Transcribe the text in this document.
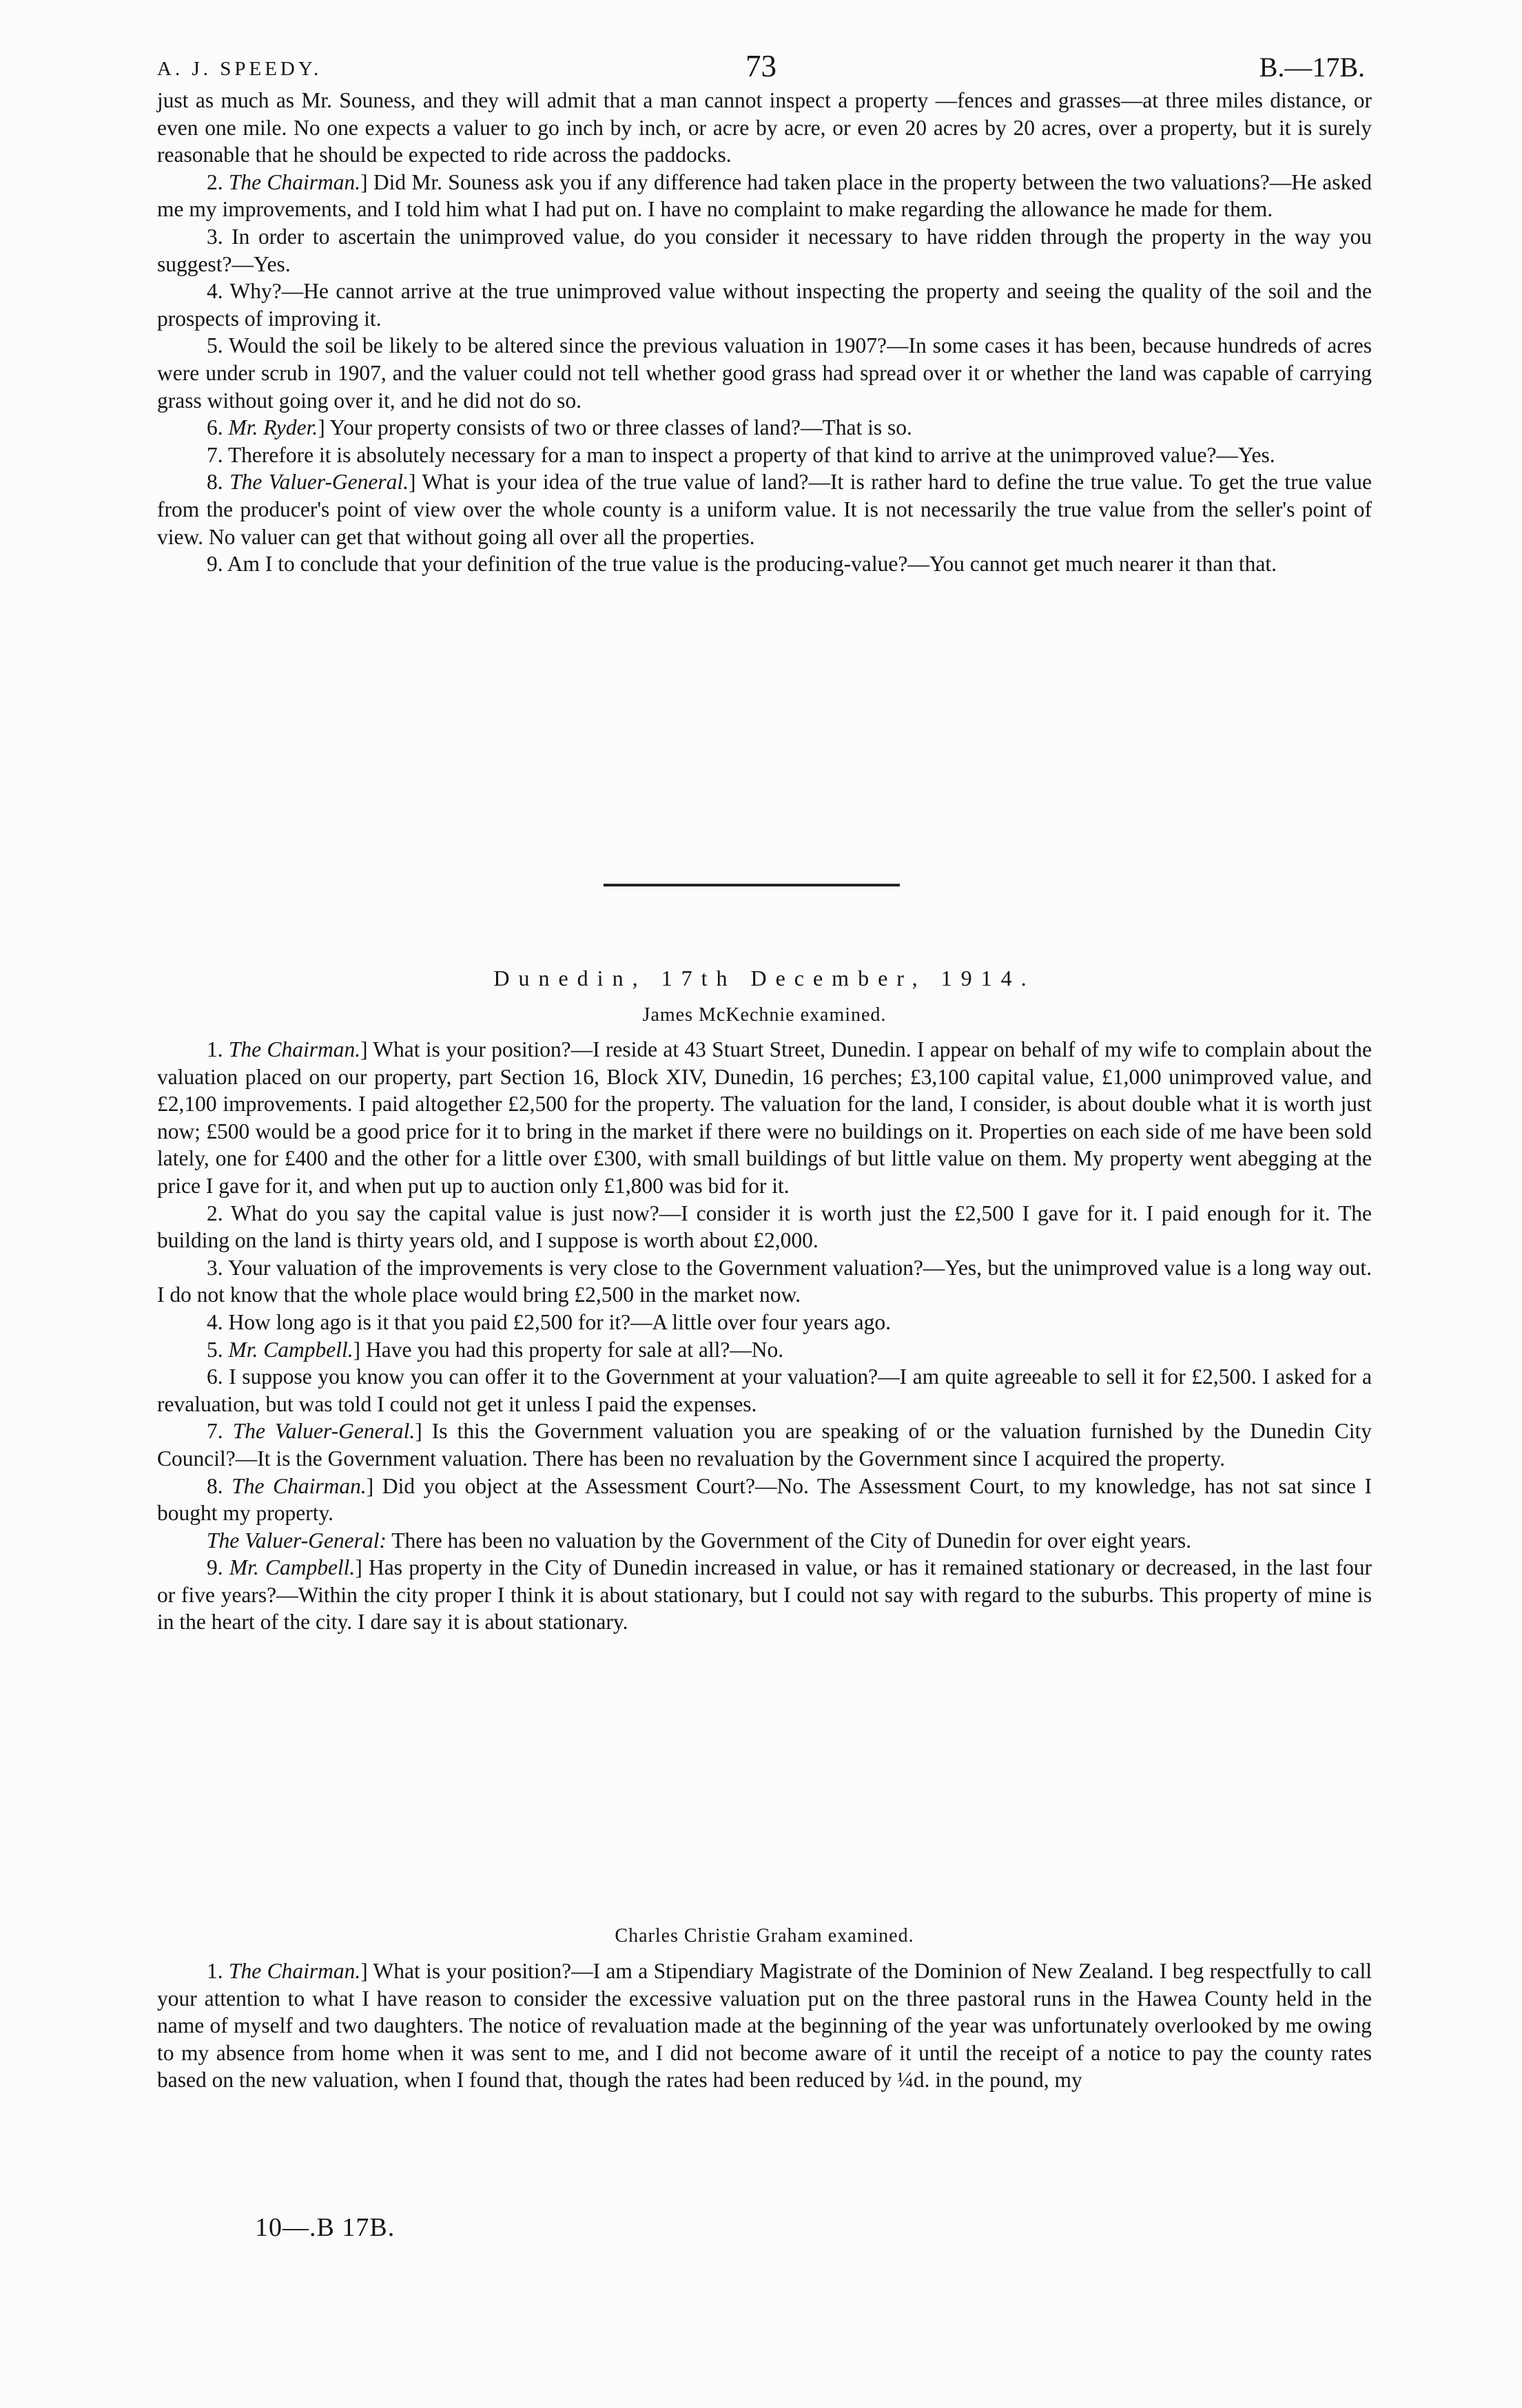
A. J. SPEEDY.	73	B.—17B.

just as much as Mr. Souness, and they will admit that a man cannot inspect a property —fences and grasses—at three miles distance, or even one mile. No one expects a valuer to go inch by inch, or acre by acre, or even 20 acres by 20 acres, over a property, but it is surely reasonable that he should be expected to ride across the paddocks.

2. The Chairman.] Did Mr. Souness ask you if any difference had taken place in the property between the two valuations?—He asked me my improvements, and I told him what I had put on. I have no complaint to make regarding the allowance he made for them.

3. In order to ascertain the unimproved value, do you consider it necessary to have ridden through the property in the way you suggest?—Yes.

4. Why?—He cannot arrive at the true unimproved value without inspecting the property and seeing the quality of the soil and the prospects of improving it.

5. Would the soil be likely to be altered since the previous valuation in 1907?—In some cases it has been, because hundreds of acres were under scrub in 1907, and the valuer could not tell whether good grass had spread over it or whether the land was capable of carrying grass without going over it, and he did not do so.

6. Mr. Ryder.] Your property consists of two or three classes of land?—That is so.

7. Therefore it is absolutely necessary for a man to inspect a property of that kind to arrive at the unimproved value?—Yes.

8. The Valuer-General.] What is your idea of the true value of land?—It is rather hard to define the true value. To get the true value from the producer's point of view over the whole county is a uniform value. It is not necessarily the true value from the seller's point of view. No valuer can get that without going all over all the properties.

9. Am I to conclude that your definition of the true value is the producing-value?—You cannot get much nearer it than that.

Dunedin, 17th December, 1914.
James McKechnie examined.

1. The Chairman.] What is your position?—I reside at 43 Stuart Street, Dunedin. I appear on behalf of my wife to complain about the valuation placed on our property, part Section 16, Block XIV, Dunedin, 16 perches; £3,100 capital value, £1,000 unimproved value, and £2,100 improvements. I paid altogether £2,500 for the property. The valuation for the land, I consider, is about double what it is worth just now; £500 would be a good price for it to bring in the market if there were no buildings on it. Properties on each side of me have been sold lately, one for £400 and the other for a little over £300, with small buildings of but little value on them. My property went abegging at the price I gave for it, and when put up to auction only £1,800 was bid for it.

2. What do you say the capital value is just now?—I consider it is worth just the £2,500 I gave for it. I paid enough for it. The building on the land is thirty years old, and I suppose is worth about £2,000.

3. Your valuation of the improvements is very close to the Government valuation?—Yes, but the unimproved value is a long way out. I do not know that the whole place would bring £2,500 in the market now.

4. How long ago is it that you paid £2,500 for it?—A little over four years ago.

5. Mr. Campbell.] Have you had this property for sale at all?—No.

6. I suppose you know you can offer it to the Government at your valuation?—I am quite agreeable to sell it for £2,500. I asked for a revaluation, but was told I could not get it unless I paid the expenses.

7. The Valuer-General.] Is this the Government valuation you are speaking of or the valuation furnished by the Dunedin City Council?—It is the Government valuation. There has been no revaluation by the Government since I acquired the property.

8. The Chairman.] Did you object at the Assessment Court?—No. The Assessment Court, to my knowledge, has not sat since I bought my property.

The Valuer-General: There has been no valuation by the Government of the City of Dunedin for over eight years.

9. Mr. Campbell.] Has property in the City of Dunedin increased in value, or has it remained stationary or decreased, in the last four or five years?—Within the city proper I think it is about stationary, but I could not say with regard to the suburbs. This property of mine is in the heart of the city. I dare say it is about stationary.

Charles Christie Graham examined.

1. The Chairman.] What is your position?—I am a Stipendiary Magistrate of the Dominion of New Zealand. I beg respectfully to call your attention to what I have reason to consider the excessive valuation put on the three pastoral runs in the Hawea County held in the name of myself and two daughters. The notice of revaluation made at the beginning of the year was unfortunately overlooked by me owing to my absence from home when it was sent to me, and I did not become aware of it until the receipt of a notice to pay the county rates based on the new valuation, when I found that, though the rates had been reduced by ¼d. in the pound, my

10—.B 17B.
